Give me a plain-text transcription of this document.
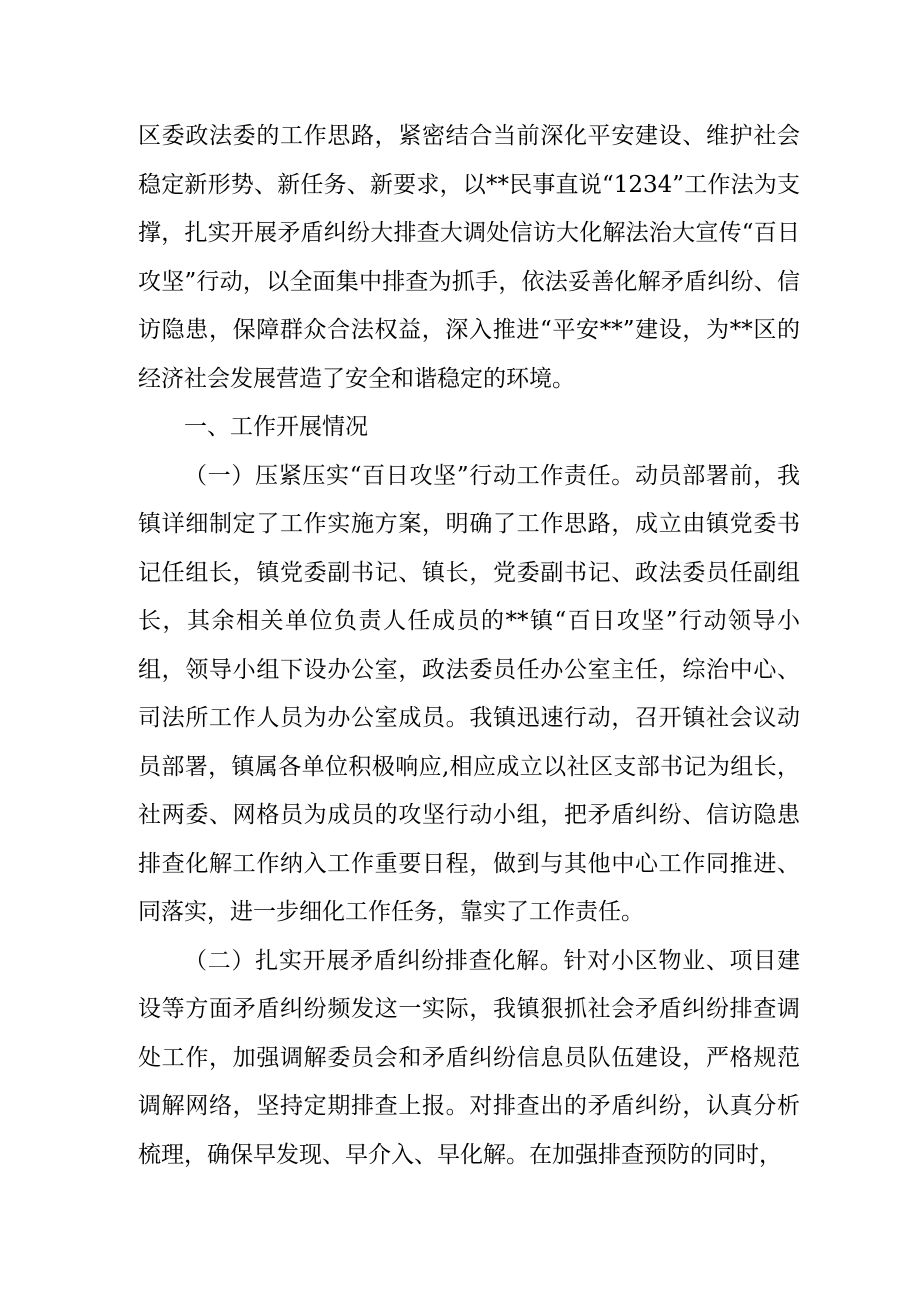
区委政法委的工作思路，紧密结合当前深化平安建设、维护社会稳定新形势、新任务、新要求，以**民事直说“1234”工作法为支撑，扎实开展矛盾纠纷大排查大调处信访大化解法治大宣传“百日攻坚”行动，以全面集中排查为抓手，依法妥善化解矛盾纠纷、信访隐患，保障群众合法权益，深入推进“平安**”建设，为**区的经济社会发展营造了安全和谐稳定的环境。

一、工作开展情况

（一）压紧压实“百日攻坚”行动工作责任。动员部署前，我镇详细制定了工作实施方案，明确了工作思路，成立由镇党委书记任组长，镇党委副书记、镇长，党委副书记、政法委员任副组长，其余相关单位负责人任成员的**镇“百日攻坚”行动领导小组，领导小组下设办公室，政法委员任办公室主任，综治中心、司法所工作人员为办公室成员。我镇迅速行动，召开镇社会议动员部署，镇属各单位积极响应,相应成立以社区支部书记为组长，社两委、网格员为成员的攻坚行动小组，把矛盾纠纷、信访隐患排查化解工作纳入工作重要日程，做到与其他中心工作同推进、同落实，进一步细化工作任务，靠实了工作责任。

（二）扎实开展矛盾纠纷排查化解。针对小区物业、项目建设等方面矛盾纠纷频发这一实际，我镇狠抓社会矛盾纠纷排查调处工作，加强调解委员会和矛盾纠纷信息员队伍建设，严格规范调解网络，坚持定期排查上报。对排查出的矛盾纠纷，认真分析梳理，确保早发现、早介入、早化解。在加强排查预防的同时，
